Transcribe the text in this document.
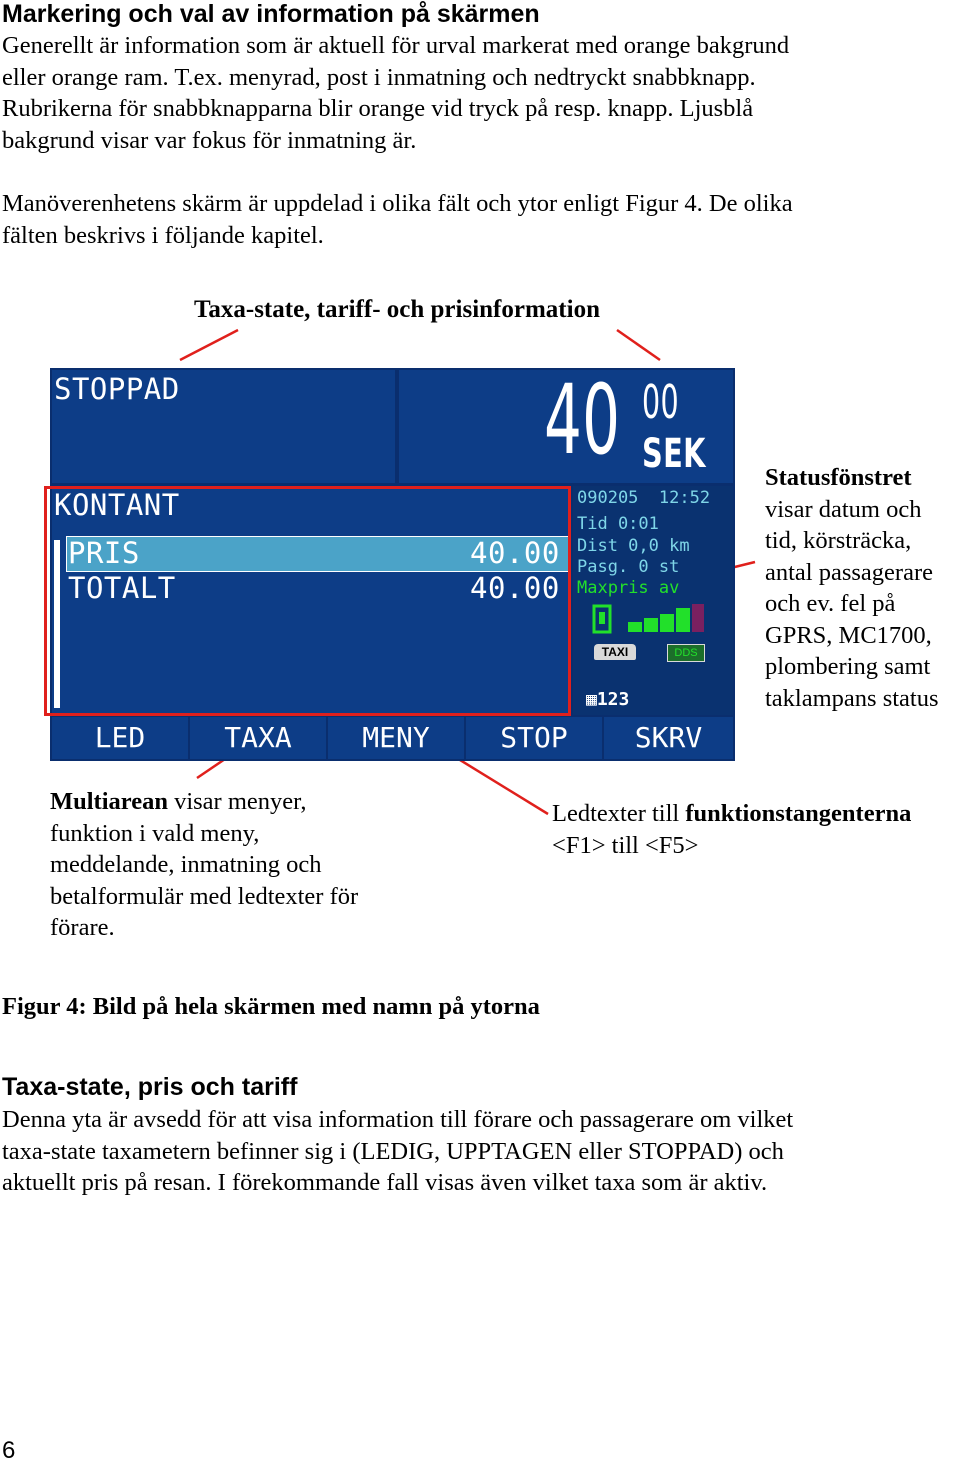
Markering och val av information på skärmen

Generellt är information som är aktuell för urval markerat med orange bakgrund

eller orange ram. T.ex. menyrad, post i inmatning och nedtryckt snabbknapp.

Rubrikerna för snabbknapparna blir orange vid tryck på resp. knapp. Ljusblå

bakgrund visar var fokus för inmatning är.

Manöverenhetens skärm är uppdelad i olika fält och ytor enligt Figur 4. De olika

fälten beskrivs i följande kapitel.

Taxa-state, tariff- och prisinformation
STOPPAD	40 00
SEK
KONTANT
PRIS	40.00
TOTALT	40.00
090205  12:52
Tid 0:01
Dist 0,0 km
Pasg. 0 st
Maxpris av
TAXI	DDS
▦123
LED	TAXA	MENY	STOP	SKRV

Statusfönstret

visar datum och

tid, körsträcka,

antal passagerare

och ev. fel på

GPRS, MC1700,

plombering samt

taklampans status

Multiarean visar menyer,

funktion i vald meny,

meddelande, inmatning och

betalformulär med ledtexter för

förare.

Ledtexter till funktionstangenterna

<F1> till <F5>

Figur 4: Bild på hela skärmen med namn på ytorna
Taxa-state, pris och tariff

Denna yta är avsedd för att visa information till förare och passagerare om vilket

taxa-state taxametern befinner sig i (LEDIG, UPPTAGEN eller STOPPAD) och

aktuellt pris på resan. I förekommande fall visas även vilket taxa som är aktiv.

6
